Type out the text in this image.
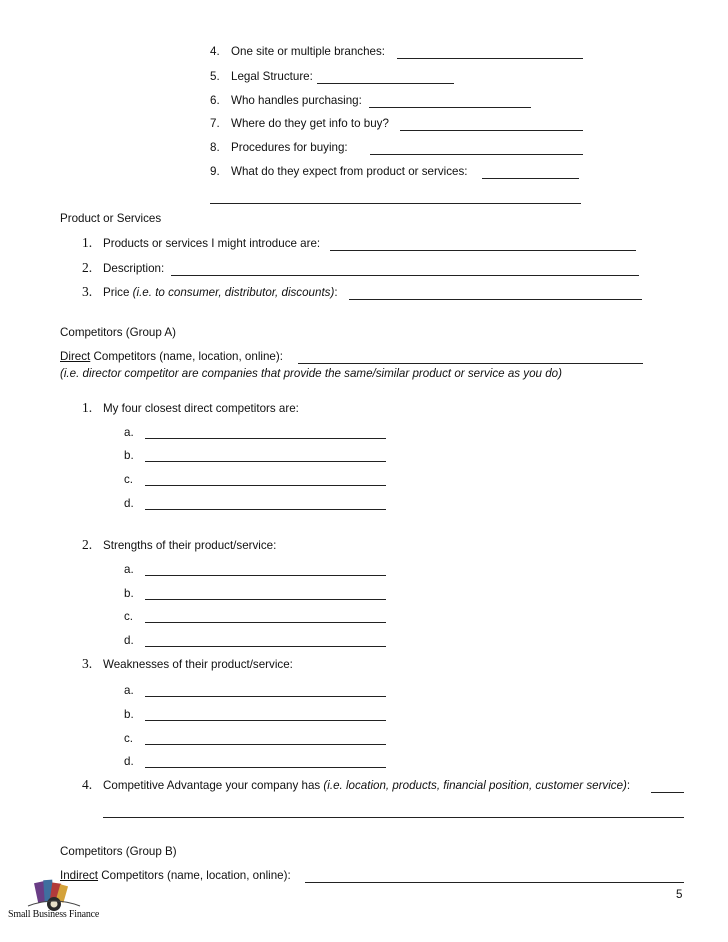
4. One site or multiple branches:
5. Legal Structure:
6. Who handles purchasing:
7. Where do they get info to buy?
8. Procedures for buying:
9. What do they expect from product or services:
Product or Services
1. Products or services I might introduce are:
2. Description:
3. Price (i.e. to consumer, distributor, discounts):
Competitors (Group A)
Direct Competitors (name, location, online):
(i.e. director competitor are companies that provide the same/similar product or service as you do)
1. My four closest direct competitors are:
a.
b.
c.
d.
2. Strengths of their product/service:
a.
b.
c.
d.
3. Weaknesses of their product/service:
a.
b.
c.
d.
4. Competitive Advantage your company has (i.e. location, products, financial position, customer service):
Competitors (Group B)
Indirect Competitors (name, location, online):
5
Small Business Finance
